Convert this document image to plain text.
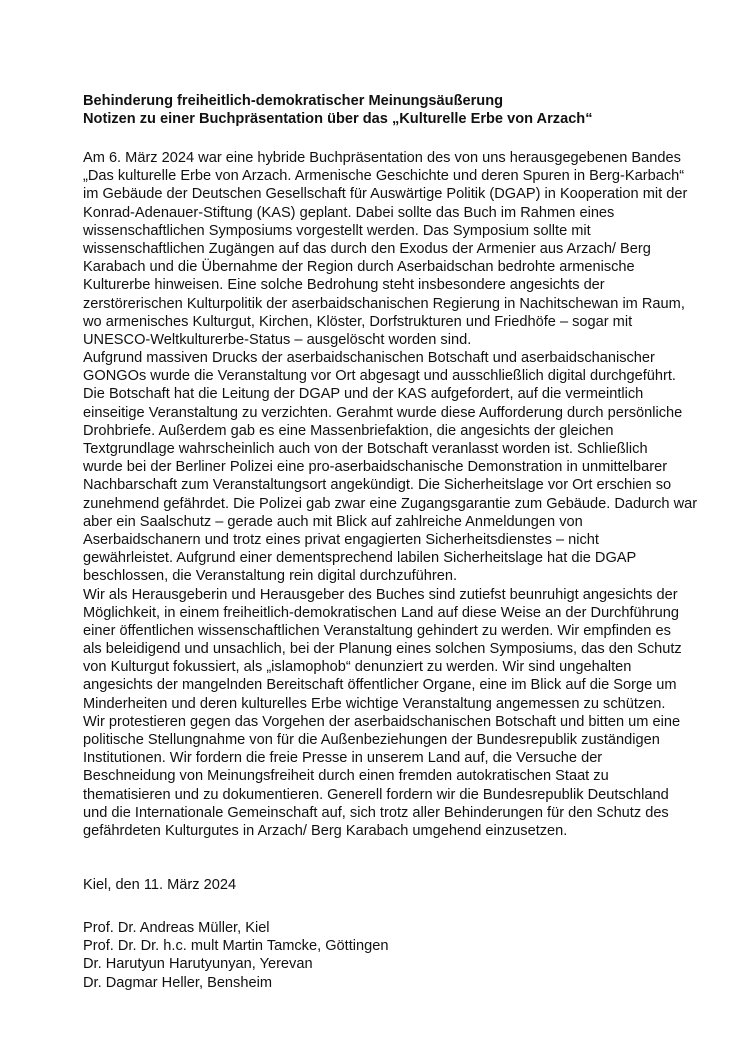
Behinderung freiheitlich-demokratischer Meinungsäußerung
Notizen zu einer Buchpräsentation über das „Kulturelle Erbe von Arzach“
Am 6. März 2024 war eine hybride Buchpräsentation des von uns herausgegebenen Bandes
„Das kulturelle Erbe von Arzach. Armenische Geschichte und deren Spuren in Berg-Karbach“
im Gebäude der Deutschen Gesellschaft für Auswärtige Politik (DGAP) in Kooperation mit der
Konrad-Adenauer-Stiftung (KAS) geplant. Dabei sollte das Buch im Rahmen eines
wissenschaftlichen Symposiums vorgestellt werden. Das Symposium sollte mit
wissenschaftlichen Zugängen auf das durch den Exodus der Armenier aus Arzach/ Berg
Karabach und die Übernahme der Region durch Aserbaidschan bedrohte armenische
Kulturerbe hinweisen. Eine solche Bedrohung steht insbesondere angesichts der
zerstörerischen Kulturpolitik der aserbaidschanischen Regierung in Nachitschewan im Raum,
wo armenisches Kulturgut, Kirchen, Klöster, Dorfstrukturen und Friedhöfe – sogar mit
UNESCO-Weltkulturerbe-Status – ausgelöscht worden sind.
Aufgrund massiven Drucks der aserbaidschanischen Botschaft und aserbaidschanischer
GONGOs wurde die Veranstaltung vor Ort abgesagt und ausschließlich digital durchgeführt.
Die Botschaft hat die Leitung der DGAP und der KAS aufgefordert, auf die vermeintlich
einseitige Veranstaltung zu verzichten. Gerahmt wurde diese Aufforderung durch persönliche
Drohbriefe. Außerdem gab es eine Massenbriefaktion, die angesichts der gleichen
Textgrundlage wahrscheinlich auch von der Botschaft veranlasst worden ist. Schließlich
wurde bei der Berliner Polizei eine pro-aserbaidschanische Demonstration in unmittelbarer
Nachbarschaft zum Veranstaltungsort angekündigt. Die Sicherheitslage vor Ort erschien so
zunehmend gefährdet. Die Polizei gab zwar eine Zugangsgarantie zum Gebäude. Dadurch war
aber ein Saalschutz – gerade auch mit Blick auf zahlreiche Anmeldungen von
Aserbaidschanern und trotz eines privat engagierten Sicherheitsdienstes – nicht
gewährleistet. Aufgrund einer dementsprechend labilen Sicherheitslage hat die DGAP
beschlossen, die Veranstaltung rein digital durchzuführen.
Wir als Herausgeberin und Herausgeber des Buches sind zutiefst beunruhigt angesichts der
Möglichkeit, in einem freiheitlich-demokratischen Land auf diese Weise an der Durchführung
einer öffentlichen wissenschaftlichen Veranstaltung gehindert zu werden. Wir empfinden es
als beleidigend und unsachlich, bei der Planung eines solchen Symposiums, das den Schutz
von Kulturgut fokussiert, als „islamophob“ denunziert zu werden. Wir sind ungehalten
angesichts der mangelnden Bereitschaft öffentlicher Organe, eine im Blick auf die Sorge um
Minderheiten und deren kulturelles Erbe wichtige Veranstaltung angemessen zu schützen.
Wir protestieren gegen das Vorgehen der aserbaidschanischen Botschaft und bitten um eine
politische Stellungnahme von für die Außenbeziehungen der Bundesrepublik zuständigen
Institutionen. Wir fordern die freie Presse in unserem Land auf, die Versuche der
Beschneidung von Meinungsfreiheit durch einen fremden autokratischen Staat zu
thematisieren und zu dokumentieren. Generell fordern wir die Bundesrepublik Deutschland
und die Internationale Gemeinschaft auf, sich trotz aller Behinderungen für den Schutz des
gefährdeten Kulturgutes in Arzach/ Berg Karabach umgehend einzusetzen.
Kiel, den 11. März 2024
Prof. Dr. Andreas Müller, Kiel
Prof. Dr. Dr. h.c. mult Martin Tamcke, Göttingen
Dr. Harutyun Harutyunyan, Yerevan
Dr. Dagmar Heller, Bensheim
